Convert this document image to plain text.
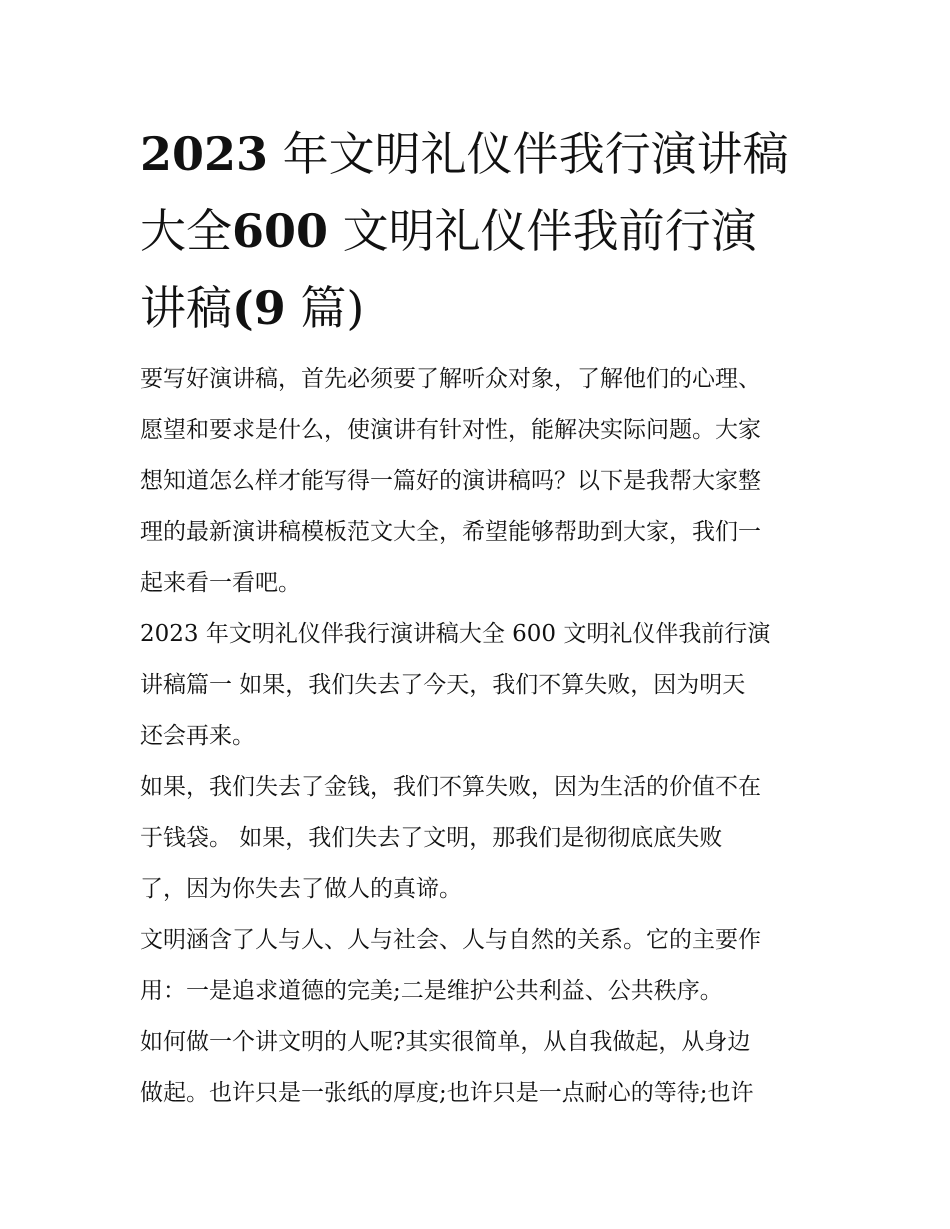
2023 年文明礼仪伴我行演讲稿
大全600 文明礼仪伴我前行演
讲稿(9 篇)
要写好演讲稿，首先必须要了解听众对象，了解他们的心理、
愿望和要求是什么，使演讲有针对性，能解决实际问题。大家
想知道怎么样才能写得一篇好的演讲稿吗？以下是我帮大家整
理的最新演讲稿模板范文大全，希望能够帮助到大家，我们一
起来看一看吧。
2023 年文明礼仪伴我行演讲稿大全 600 文明礼仪伴我前行演
讲稿篇一 如果，我们失去了今天，我们不算失败，因为明天
还会再来。
如果，我们失去了金钱，我们不算失败，因为生活的价值不在
于钱袋。 如果，我们失去了文明，那我们是彻彻底底失败
了，因为你失去了做人的真谛。
文明涵含了人与人、人与社会、人与自然的关系。它的主要作
用：一是追求道德的完美;二是维护公共利益、公共秩序。
如何做一个讲文明的人呢?其实很简单，从自我做起，从身边
做起。也许只是一张纸的厚度;也许只是一点耐心的等待;也许
